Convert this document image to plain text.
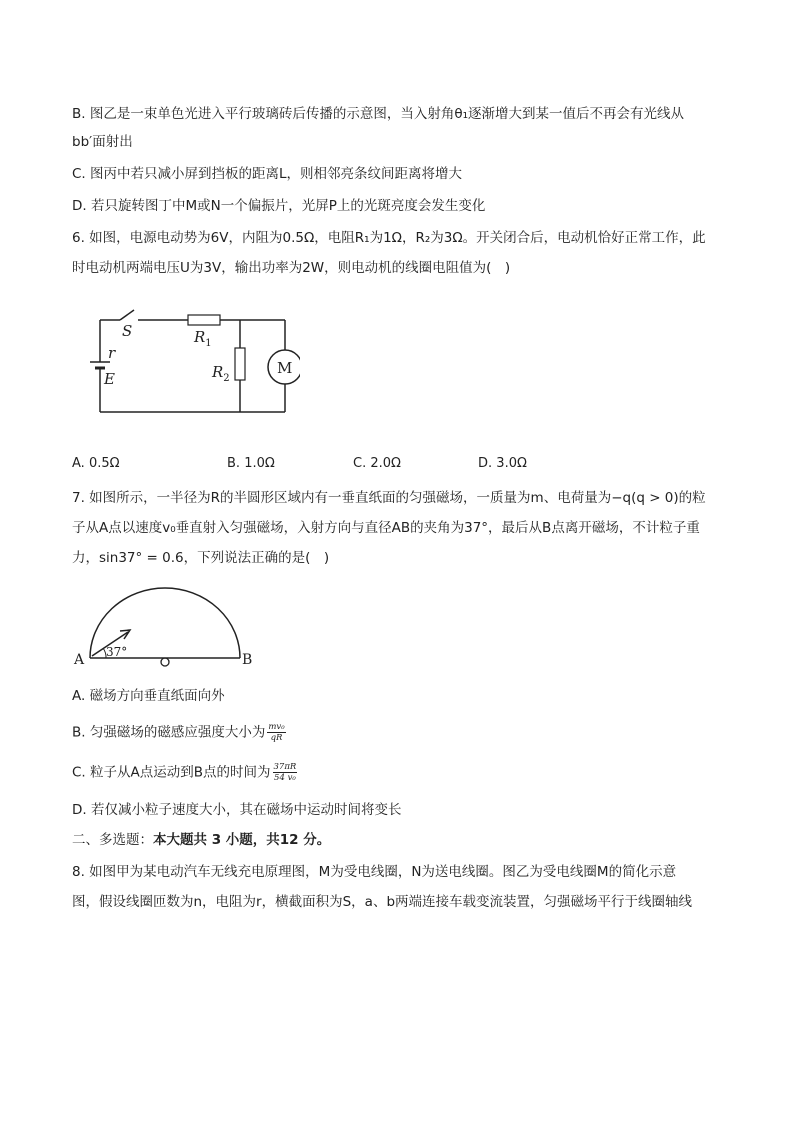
B. 图乙是一束单色光进入平行玻璃砖后传播的示意图，当入射角θ₁逐渐增大到某一值后不再会有光线从
bb′面射出
C. 图丙中若只减小屏到挡板的距离L，则相邻亮条纹间距离将增大
D. 若只旋转图丁中M或N一个偏振片，光屏P上的光斑亮度会发生变化
6. 如图，电源电动势为6V，内阻为0.5Ω，电阻R₁为1Ω，R₂为3Ω。开关闭合后，电动机恰好正常工作，此
时电动机两端电压U为3V，输出功率为2W，则电动机的线圈电阻值为(　)
S	$R_1$
$R_2$
M
r
E
A. 0.5Ω	B. 1.0Ω	C. 2.0Ω	D. 3.0Ω
7. 如图所示，一半径为R的半圆形区域内有一垂直纸面的匀强磁场，一质量为m、电荷量为−q(q > 0)的粒
子从A点以速度v₀垂直射入匀强磁场，入射方向与直径AB的夹角为37°，最后从B点离开磁场，不计粒子重
力，sin37° = 0.6，下列说法正确的是(　)
A	B
37°
A. 磁场方向垂直纸面向外
B. 匀强磁场的磁感应强度大小为 $\frac{\text{mv₀}}{qR}$
C. 粒子从A点运动到B点的时间为 $\frac{37\pi R}{\text{54 v₀}}$
D. 若仅减小粒子速度大小，其在磁场中运动时间将变长
二、多选题：本大题共 3 小题，共12 分。
8. 如图甲为某电动汽车无线充电原理图，M为受电线圈，N为送电线圈。图乙为受电线圈M的简化示意
图，假设线圈匝数为n，电阻为r，横截面积为S，a、b两端连接车载变流装置，匀强磁场平行于线圈轴线
